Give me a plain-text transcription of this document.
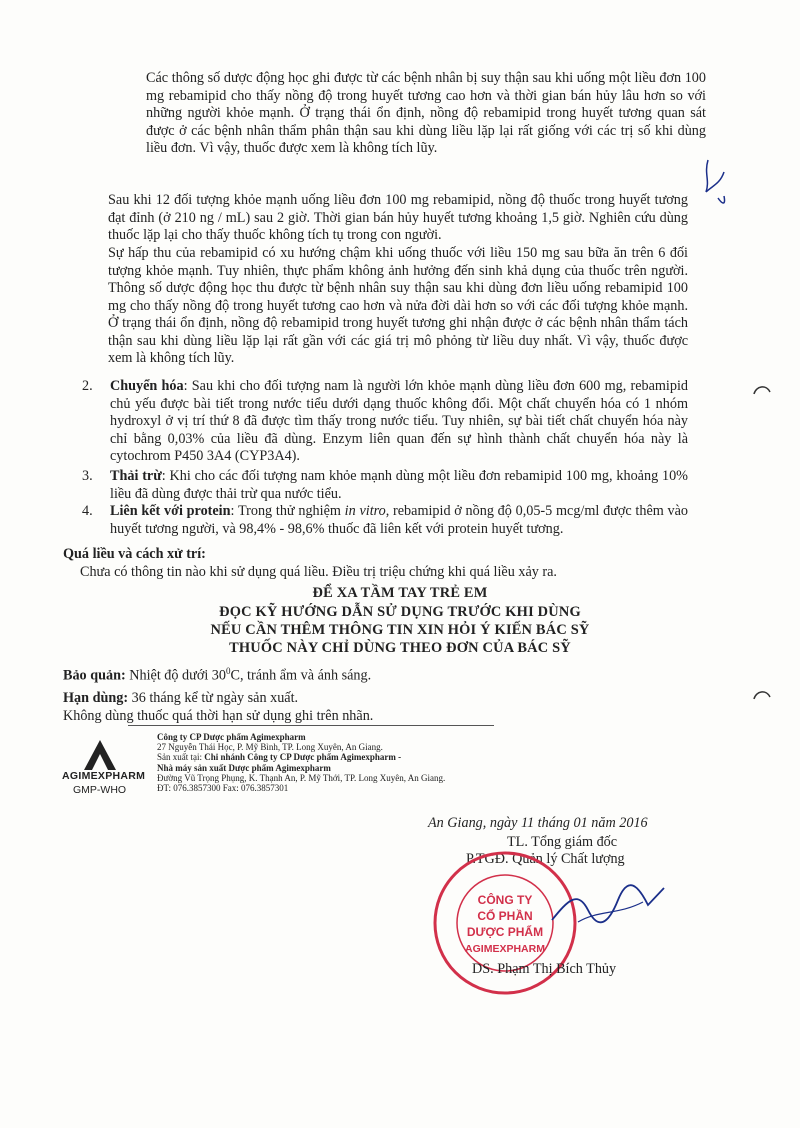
Các thông số dược động học ghi được từ các bệnh nhân bị suy thận sau khi uống một liều đơn 100 mg rebamipid cho thấy nồng độ trong huyết tương cao hơn và thời gian bán hủy lâu hơn so với những người khỏe mạnh. Ở trạng thái ổn định, nồng độ rebamipid trong huyết tương quan sát được ở các bệnh nhân thẩm phân thận sau khi dùng liều lặp lại rất giống với các trị số khi dùng liều đơn. Vì vậy, thuốc được xem là không tích lũy.

Sau khi 12 đối tượng khỏe mạnh uống liều đơn 100 mg rebamipid, nồng độ thuốc trong huyết tương đạt đỉnh (ở 210 ng / mL) sau 2 giờ. Thời gian bán hủy huyết tương khoảng 1,5 giờ. Nghiên cứu dùng thuốc lặp lại cho thấy thuốc không tích tụ trong con người.

Sự hấp thu của rebamipid có xu hướng chậm khi uống thuốc với liều 150 mg sau bữa ăn trên 6 đối tượng khỏe mạnh. Tuy nhiên, thực phẩm không ảnh hưởng đến sinh khả dụng của thuốc trên người. Thông số dược động học thu được từ bệnh nhân suy thận sau khi dùng đơn liều uống rebamipid 100 mg cho thấy nồng độ trong huyết tương cao hơn và nửa đời dài hơn so với các đối tượng khỏe mạnh. Ở trạng thái ổn định, nồng độ rebamipid trong huyết tương ghi nhận được ở các bệnh nhân thẩm tách thận sau khi dùng liều lặp lại rất gần với các giá trị mô phỏng từ liều duy nhất. Vì vậy, thuốc được xem là không tích lũy.

2.	Chuyển hóa: Sau khi cho đối tượng nam là người lớn khỏe mạnh dùng liều đơn 600 mg, rebamipid chủ yếu được bài tiết trong nước tiểu dưới dạng thuốc không đổi. Một chất chuyển hóa có 1 nhóm hydroxyl ở vị trí thứ 8 đã được tìm thấy trong nước tiểu. Tuy nhiên, sự bài tiết chất chuyển hóa này chỉ bằng 0,03% của liều đã dùng. Enzym liên quan đến sự hình thành chất chuyển hóa này là cytochrom P450 3A4 (CYP3A4).
3.	Thải trừ: Khi cho các đối tượng nam khỏe mạnh dùng một liều đơn rebamipid 100 mg, khoảng 10% liều đã dùng được thải trừ qua nước tiểu.
4.	Liên kết với protein: Trong thử nghiệm in vitro, rebamipid ở nồng độ 0,05-5 mcg/ml được thêm vào huyết tương người, và 98,4% - 98,6% thuốc đã liên kết với protein huyết tương.
Quá liều và cách xử trí:
Chưa có thông tin nào khi sử dụng quá liều. Điều trị triệu chứng khi quá liều xảy ra.
ĐỂ XA TẦM TAY TRẺ EM
ĐỌC KỸ HƯỚNG DẪN SỬ DỤNG TRƯỚC KHI DÙNG
NẾU CẦN THÊM THÔNG TIN XIN HỎI Ý KIẾN BÁC SỸ
THUỐC NÀY CHỈ DÙNG THEO ĐƠN CỦA BÁC SỸ
Bảo quản: Nhiệt độ dưới $30^0C$, tránh ẩm và ánh sáng.
Hạn dùng: 36 tháng kể từ ngày sản xuất.
Không dùng thuốc quá thời hạn sử dụng ghi trên nhãn.
AGIMEXPHARM
GMP-WHO
Công ty CP Dược phẩm Agimexpharm
27 Nguyễn Thái Học, P. Mỹ Bình, TP. Long Xuyên, An Giang.
Sản xuất tại: Chi nhánh Công ty CP Dược phẩm Agimexpharm -
Nhà máy sản xuất Dược phẩm Agimexpharm
Đường Vũ Trọng Phụng, K. Thạnh An, P. Mỹ Thới, TP. Long Xuyên, An Giang.
ĐT: 076.3857300 Fax: 076.3857301
An Giang, ngày 11 tháng 01 năm 2016
TL. Tổng giám đốc
P.TGĐ. Quản lý Chất lượng
CÔNG TY
CỔ PHẦN
DƯỢC PHẨM
AGIMEXPHARM
DS. Phạm Thị Bích Thủy
